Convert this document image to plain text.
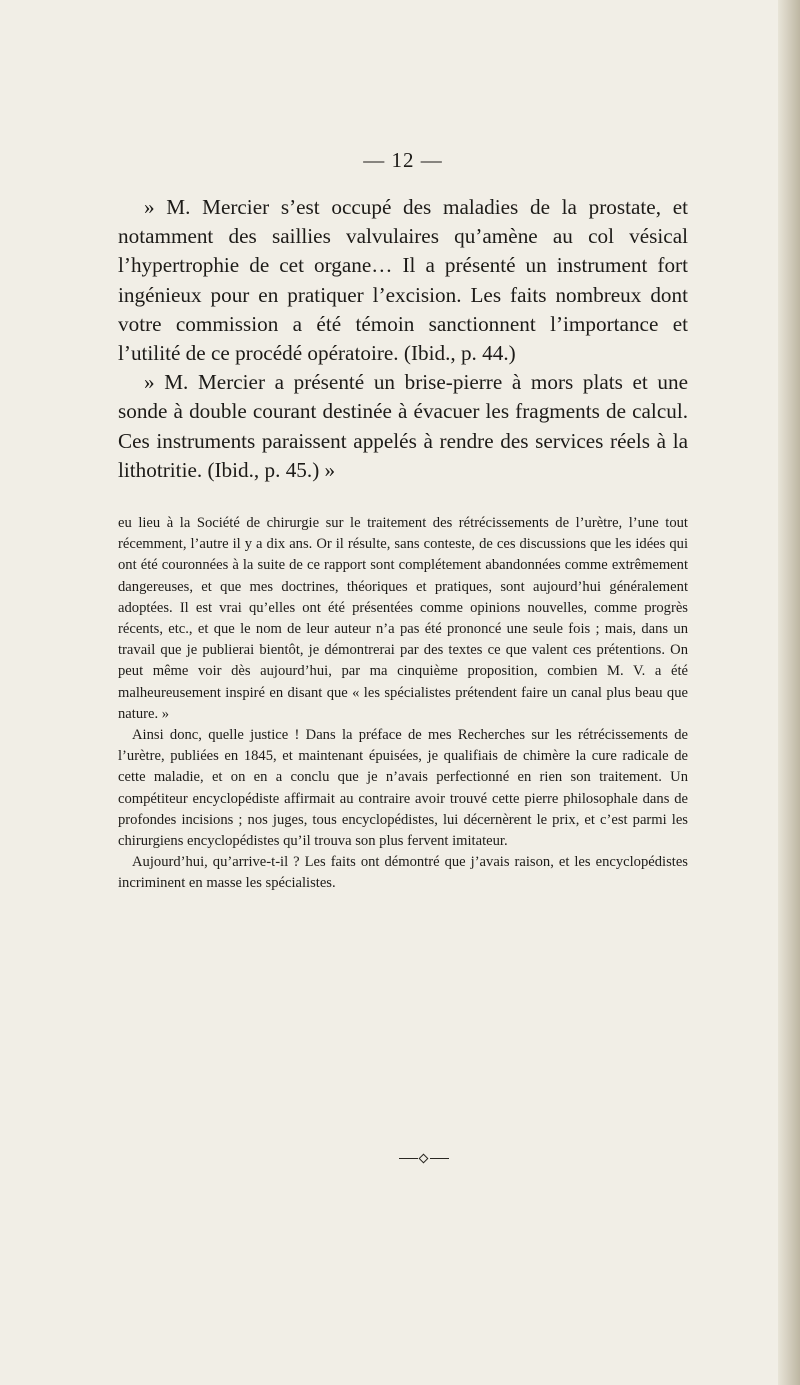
— 12 —

» M. Mercier s’est occupé des maladies de la prostate, et notamment des saillies valvulaires qu’amène au col vésical l’hypertrophie de cet organe… Il a présenté un instrument fort ingénieux pour en pratiquer l’excision. Les faits nombreux dont votre commission a été témoin sanctionnent l’importance et l’utilité de ce procédé opératoire. (Ibid., p. 44.)

» M. Mercier a présenté un brise-pierre à mors plats et une sonde à double courant destinée à évacuer les fragments de calcul. Ces instruments paraissent appelés à rendre des services réels à la lithotritie. (Ibid., p. 45.) »

eu lieu à la Société de chirurgie sur le traitement des rétrécissements de l’urètre, l’une tout récemment, l’autre il y a dix ans. Or il résulte, sans conteste, de ces discussions que les idées qui ont été couronnées à la suite de ce rapport sont complétement abandonnées comme extrêmement dangereuses, et que mes doctrines, théoriques et pratiques, sont aujourd’hui généralement adoptées. Il est vrai qu’elles ont été présentées comme opinions nouvelles, comme progrès récents, etc., et que le nom de leur auteur n’a pas été prononcé une seule fois ; mais, dans un travail que je publierai bientôt, je démontrerai par des textes ce que valent ces prétentions. On peut même voir dès aujourd’hui, par ma cinquième proposition, combien M. V. a été malheureusement inspiré en disant que « les spécialistes prétendent faire un canal plus beau que nature. »

Ainsi donc, quelle justice ! Dans la préface de mes Recherches sur les rétrécissements de l’urètre, publiées en 1845, et maintenant épuisées, je qualifiais de chimère la cure radicale de cette maladie, et on en a conclu que je n’avais perfectionné en rien son traitement. Un compétiteur encyclopédiste affirmait au contraire avoir trouvé cette pierre philosophale dans de profondes incisions ; nos juges, tous encyclopédistes, lui décernèrent le prix, et c’est parmi les chirurgiens encyclopédistes qu’il trouva son plus fervent imitateur.

Aujourd’hui, qu’arrive-t-il ? Les faits ont démontré que j’avais raison, et les encyclopédistes incriminent en masse les spécialistes.
